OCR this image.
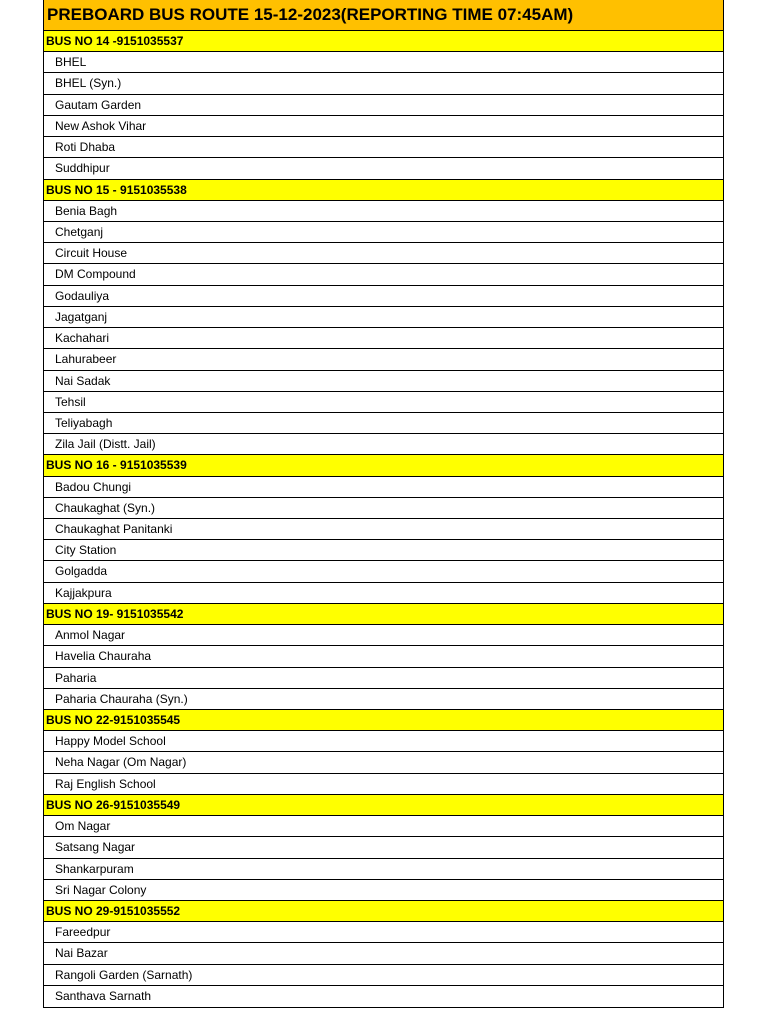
PREBOARD BUS ROUTE 15-12-2023(REPORTING TIME 07:45AM)
BUS NO 14 -9151035537
BHEL
BHEL (Syn.)
Gautam Garden
New Ashok Vihar
Roti Dhaba
Suddhipur
BUS NO 15 - 9151035538
Benia Bagh
Chetganj
Circuit House
DM Compound
Godauliya
Jagatganj
Kachahari
Lahurabeer
Nai Sadak
Tehsil
Teliyabagh
Zila Jail (Distt. Jail)
BUS NO 16 - 9151035539
Badou Chungi
Chaukaghat (Syn.)
Chaukaghat Panitanki
City Station
Golgadda
Kajjakpura
BUS NO 19- 9151035542
Anmol Nagar
Havelia Chauraha
Paharia
Paharia Chauraha (Syn.)
BUS NO 22-9151035545
Happy Model School
Neha Nagar (Om Nagar)
Raj English School
BUS NO 26-9151035549
Om Nagar
Satsang Nagar
Shankarpuram
Sri Nagar Colony
BUS NO 29-9151035552
Fareedpur
Nai Bazar
Rangoli Garden (Sarnath)
Santhava Sarnath
